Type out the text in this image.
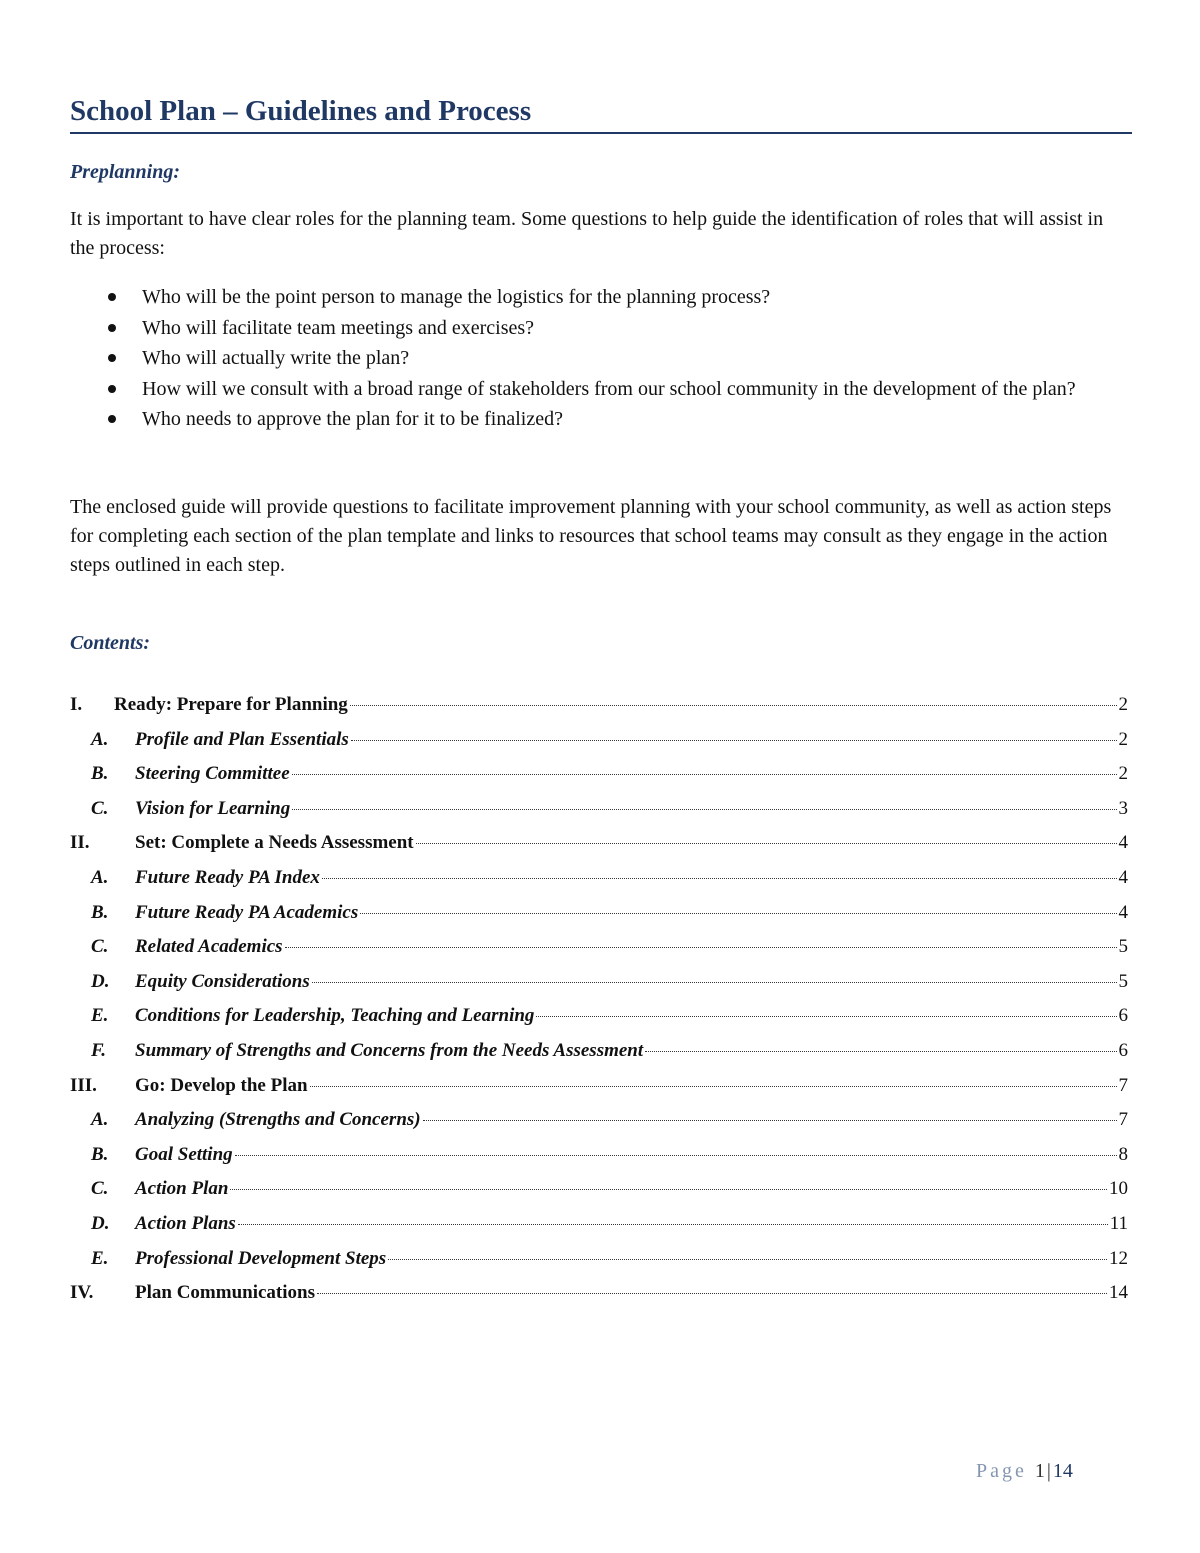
School Plan – Guidelines and Process
Preplanning:

It is important to have clear roles for the planning team. Some questions to help guide the identification of roles that will assist in the process:

Who will be the point person to manage the logistics for the planning process?
Who will facilitate team meetings and exercises?
Who will actually write the plan?
How will we consult with a broad range of stakeholders from our school community in the development of the plan?
Who needs to approve the plan for it to be finalized?

The enclosed guide will provide questions to facilitate improvement planning with your school community, as well as action steps for completing each section of the plan template and links to resources that school teams may consult as they engage in the action steps outlined in each step.

Contents:
I.	Ready: Prepare for Planning	2
A.	Profile and Plan Essentials	2
B.	Steering Committee	2
C.	Vision for Learning	3
II.	Set: Complete a Needs Assessment	4
A.	Future Ready PA Index	4
B.	Future Ready PA Academics	4
C.	Related Academics	5
D.	Equity Considerations	5
E.	Conditions for Leadership, Teaching and Learning	6
F.	Summary of Strengths and Concerns from the Needs Assessment	6
III.	Go: Develop the Plan	7
A.	Analyzing (Strengths and Concerns)	7
B.	Goal Setting	8
C.	Action Plan	10
D.	Action Plans	11
E.	Professional Development Steps	12
IV.	Plan Communications	14
Page 1 | 14
